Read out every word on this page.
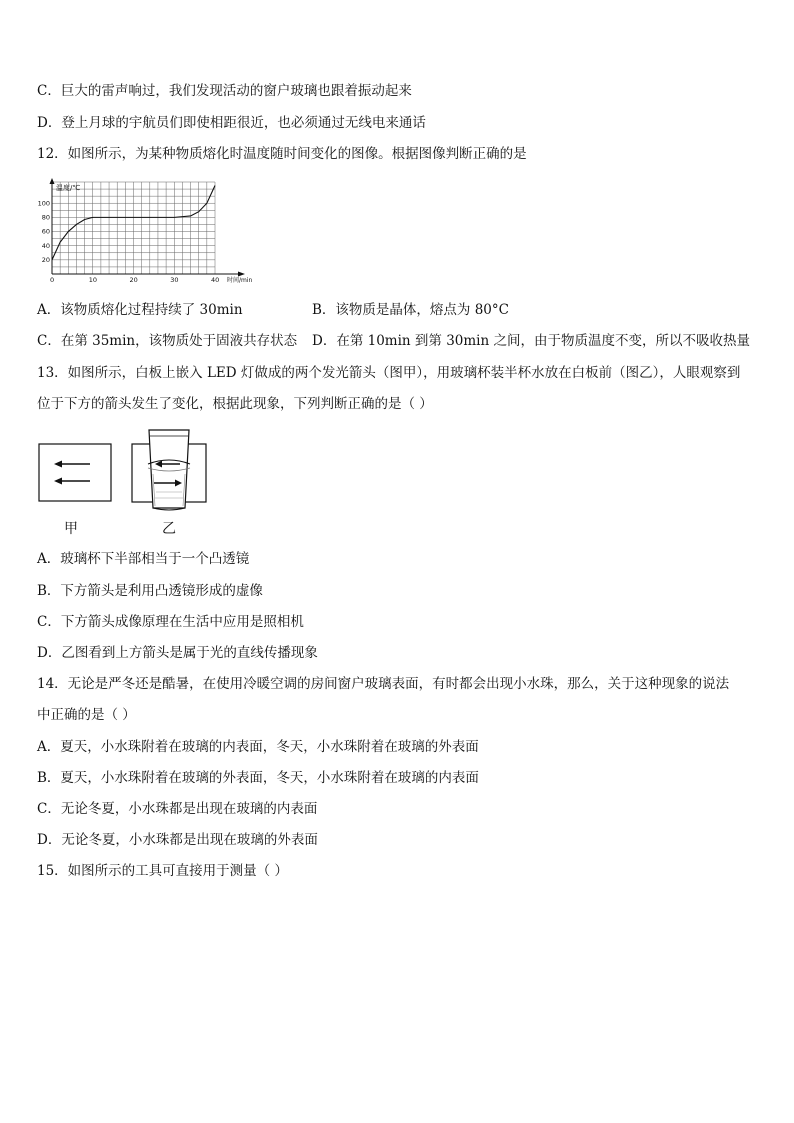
C．巨大的雷声响过，我们发现活动的窗户玻璃也跟着振动起来
D．登上月球的宇航员们即使相距很近，也必须通过无线电来通话
12．如图所示，为某种物质熔化时温度随时间变化的图像。根据图像判断正确的是
10	20	30	40
20
40
60
80
100
温度/℃
时间/min
0
A．该物质熔化过程持续了 30min	B．该物质是晶体，熔点为 80°C
C．在第 35min，该物质处于固液共存状态 D．在第 10min 到第 30min 之间，由于物质温度不变，所以不吸收热量
13．如图所示，白板上嵌入 LED 灯做成的两个发光箭头（图甲），用玻璃杯装半杯水放在白板前（图乙），人眼观察到
位于下方的箭头发生了变化，根据此现象，下列判断正确的是（ ）
甲	乙
A．玻璃杯下半部相当于一个凸透镜
B．下方箭头是利用凸透镜形成的虚像
C．下方箭头成像原理在生活中应用是照相机
D．乙图看到上方箭头是属于光的直线传播现象
14．无论是严冬还是酷暑，在使用冷暖空调的房间窗户玻璃表面，有时都会出现小水珠，那么，关于这种现象的说法
中正确的是（ ）
A．夏天，小水珠附着在玻璃的内表面，冬天，小水珠附着在玻璃的外表面
B．夏天，小水珠附着在玻璃的外表面，冬天，小水珠附着在玻璃的内表面
C．无论冬夏，小水珠都是出现在玻璃的内表面
D．无论冬夏，小水珠都是出现在玻璃的外表面
15．如图所示的工具可直接用于测量（ ）
